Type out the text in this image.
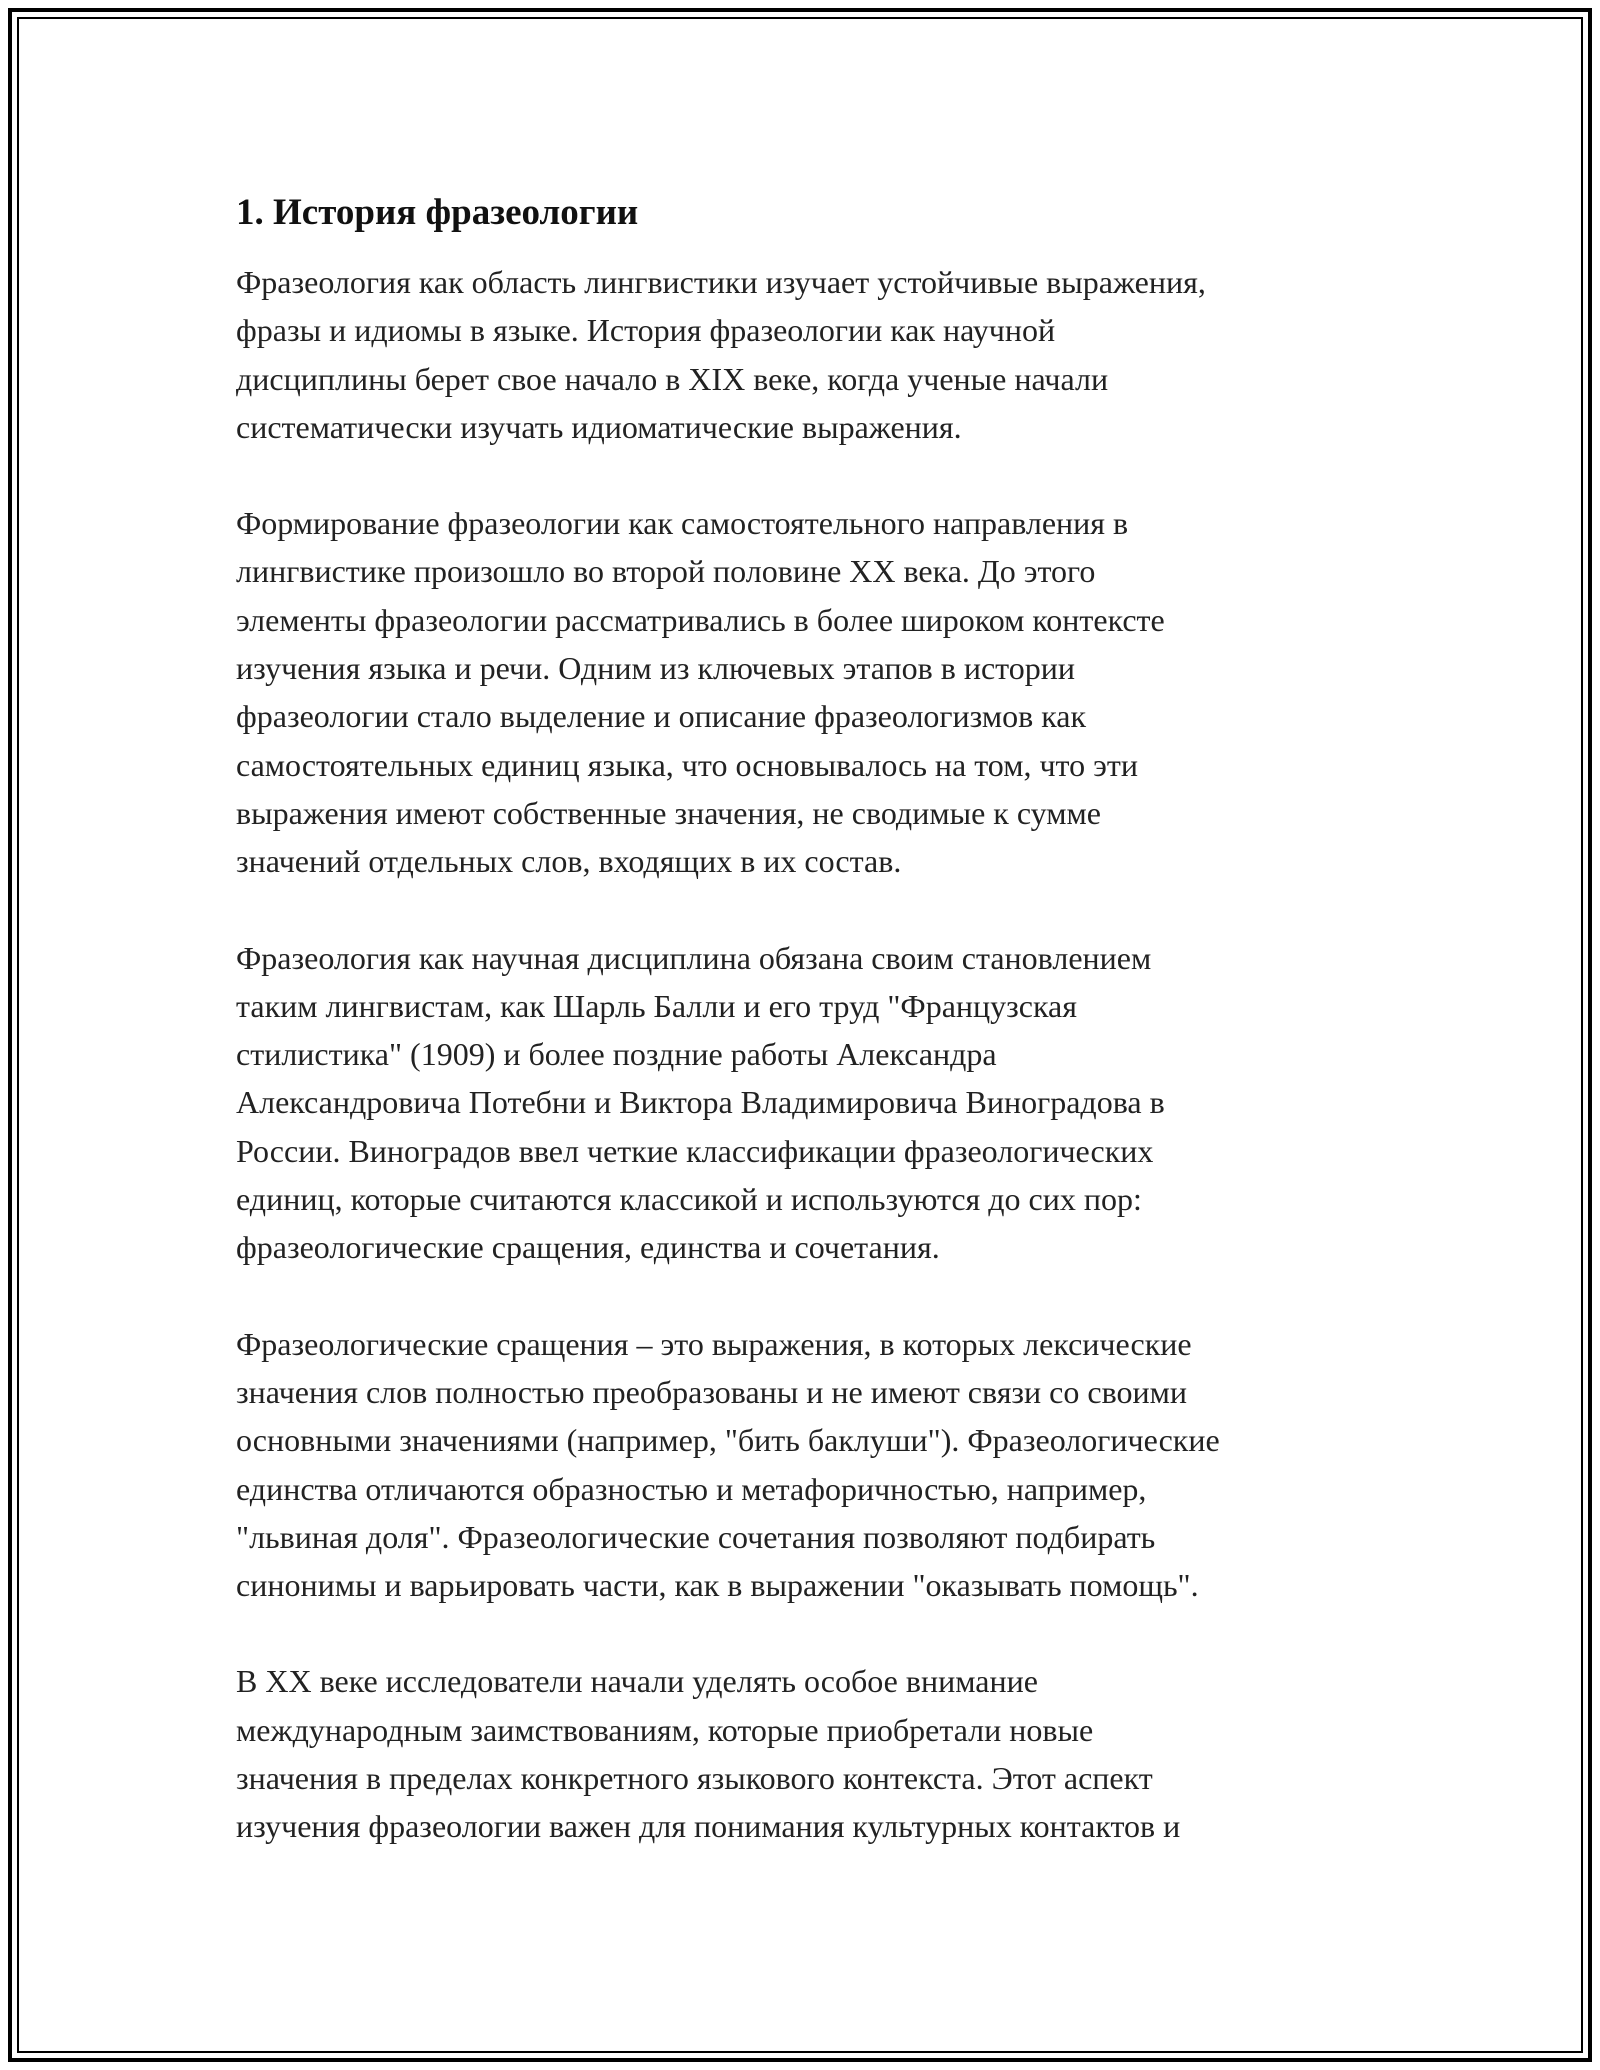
1. История фразеологии

Фразеология как область лингвистики изучает устойчивые выражения,
фразы и идиомы в языке. История фразеологии как научной
дисциплины берет свое начало в XIX веке, когда ученые начали
систематически изучать идиоматические выражения.

Формирование фразеологии как самостоятельного направления в
лингвистике произошло во второй половине XX века. До этого
элементы фразеологии рассматривались в более широком контексте
изучения языка и речи. Одним из ключевых этапов в истории
фразеологии стало выделение и описание фразеологизмов как
самостоятельных единиц языка, что основывалось на том, что эти
выражения имеют собственные значения, не сводимые к сумме
значений отдельных слов, входящих в их состав.

Фразеология как научная дисциплина обязана своим становлением
таким лингвистам, как Шарль Балли и его труд "Французская
стилистика" (1909) и более поздние работы Александра
Александровича Потебни и Виктора Владимировича Виноградова в
России. Виноградов ввел четкие классификации фразеологических
единиц, которые считаются классикой и используются до сих пор:
фразеологические сращения, единства и сочетания.

Фразеологические сращения – это выражения, в которых лексические
значения слов полностью преобразованы и не имеют связи со своими
основными значениями (например, "бить баклуши"). Фразеологические
единства отличаются образностью и метафоричностью, например,
"львиная доля". Фразеологические сочетания позволяют подбирать
синонимы и варьировать части, как в выражении "оказывать помощь".

В XX веке исследователи начали уделять особое внимание
международным заимствованиям, которые приобретали новые
значения в пределах конкретного языкового контекста. Этот аспект
изучения фразеологии важен для понимания культурных контактов и
